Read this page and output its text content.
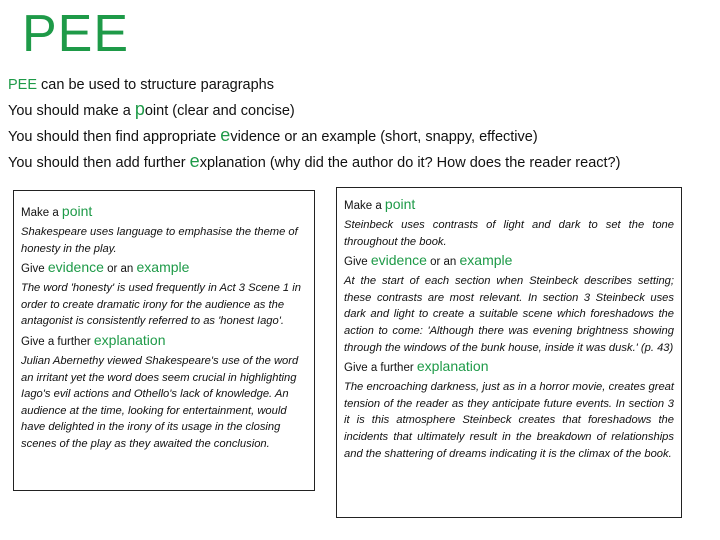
PEE
PEE can be used to structure paragraphs
You should make a point (clear and concise)
You should then find appropriate evidence or an example (short, snappy, effective)
You should then add further explanation (why did the author do it? How does the reader react?)
Make a point
Shakespeare uses language to emphasise the theme of honesty in the play.
Give evidence or an example
The word 'honesty' is used frequently in Act 3 Scene 1 in order to create dramatic irony for the audience as the antagonist is consistently referred to as 'honest Iago'.
Give a further explanation
Julian Abernethy viewed Shakespeare's use of the word an irritant yet the word does seem crucial in highlighting Iago's evil actions and Othello's lack of knowledge. An audience at the time, looking for entertainment, would have delighted in the irony of its usage in the closing scenes of the play as they awaited the conclusion.
Make a point
Steinbeck uses contrasts of light and dark to set the tone throughout the book.
Give evidence or an example
At the start of each section when Steinbeck describes setting; these contrasts are most relevant. In section 3 Steinbeck uses dark and light to create a suitable scene which foreshadows the action to come: 'Although there was evening brightness showing through the windows of the bunk house, inside it was dusk.' (p. 43)
Give a further explanation
The encroaching darkness, just as in a horror movie, creates great tension of the reader as they anticipate future events. In section 3 it is this atmosphere Steinbeck creates that foreshadows the incidents that ultimately result in the breakdown of relationships and the shattering of dreams indicating it is the climax of the book.
